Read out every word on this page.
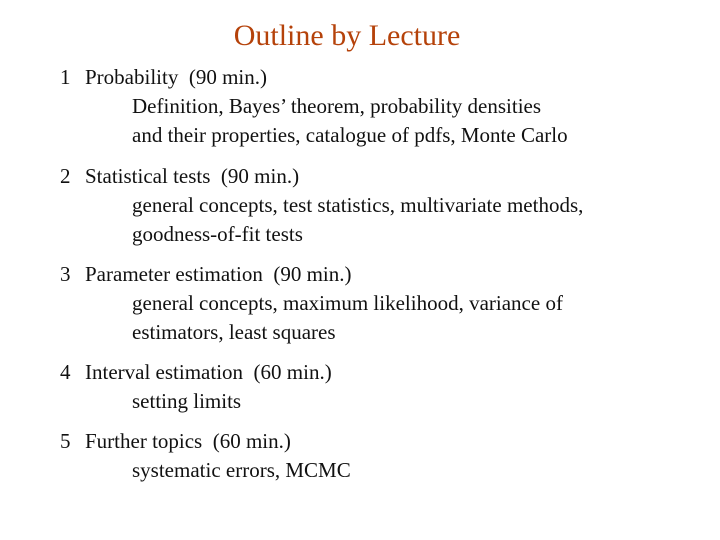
Outline by Lecture
1 Probability  (90 min.)
Definition, Bayes’ theorem, probability densities
and their properties, catalogue of pdfs, Monte Carlo
2 Statistical tests  (90 min.)
general concepts, test statistics, multivariate methods,
goodness-of-fit tests
3 Parameter estimation  (90 min.)
general concepts, maximum likelihood, variance of
estimators, least squares
4 Interval estimation  (60 min.)
setting limits
5 Further topics  (60 min.)
systematic errors, MCMC
